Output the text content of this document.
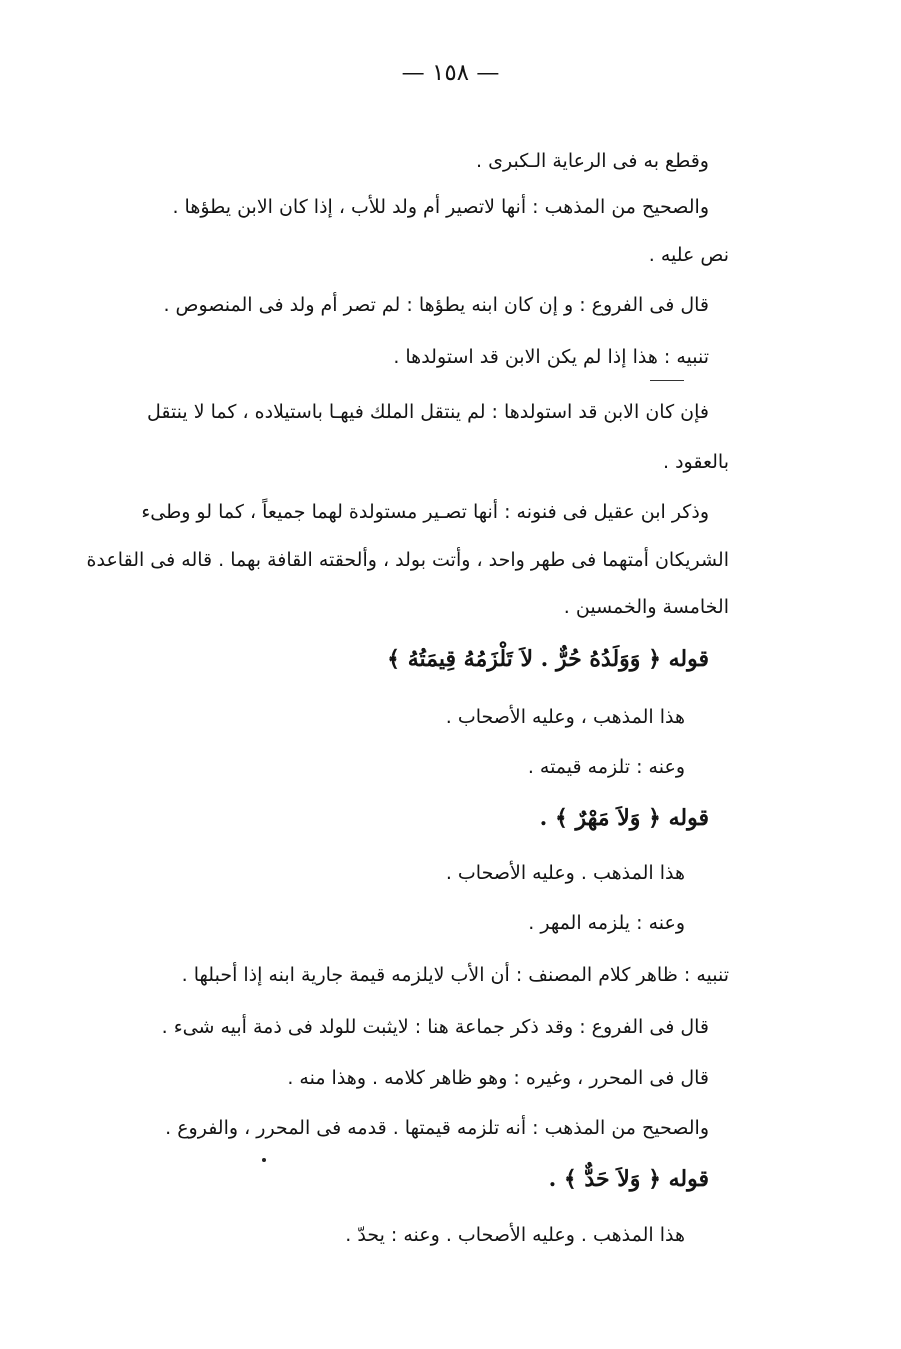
— ١٥٨ —
وقطع به فى الرعاية الـكبرى .
والصحيح من المذهب : أنها لاتصير أم ولد للأب ، إذا كان الابن يطؤها .
نص عليه .
قال فى الفروع : و إن كان ابنه يطؤها : لم تصر أم ولد فى المنصوص .
تنبيه : هذا إذا لم يكن الابن قد استولدها .
فإن كان الابن قد استولدها : لم ينتقل الملك فيهـا باستيلاده ، كما لا ينتقل
بالعقود .
وذكر ابن عقيل فى فنونه : أنها تصـير مستولدة لهما جميعاً ، كما لو وطىء
الشريكان أمتهما فى طهر واحد ، وأتت بولد ، وألحقته القافة بهما . قاله فى القاعدة
الخامسة والخمسين .
قوله ﴿ وَوَلَدُهُ حُرٌّ . لاَ تَلْزَمُهُ قِيمَتُهُ ﴾
هذا المذهب ، وعليه الأصحاب .
وعنه : تلزمه قيمته .
قوله ﴿ وَلاَ مَهْرٌ ﴾ .
هذا المذهب . وعليه الأصحاب .
وعنه : يلزمه المهر .
تنبيه : ظاهر كلام المصنف : أن الأب لايلزمه قيمة جارية ابنه إذا أحبلها .
قال فى الفروع : وقد ذكر جماعة هنا : لايثبت للولد فى ذمة أبيه شىء .
قال فى المحرر ، وغيره : وهو ظاهر كلامه . وهذا منه .
والصحيح من المذهب : أنه تلزمه قيمتها . قدمه فى المحرر ، والفروع .
قوله ﴿ وَلاَ حَدٌّ ﴾ .
هذا المذهب . وعليه الأصحاب . وعنه : يحدّ .
